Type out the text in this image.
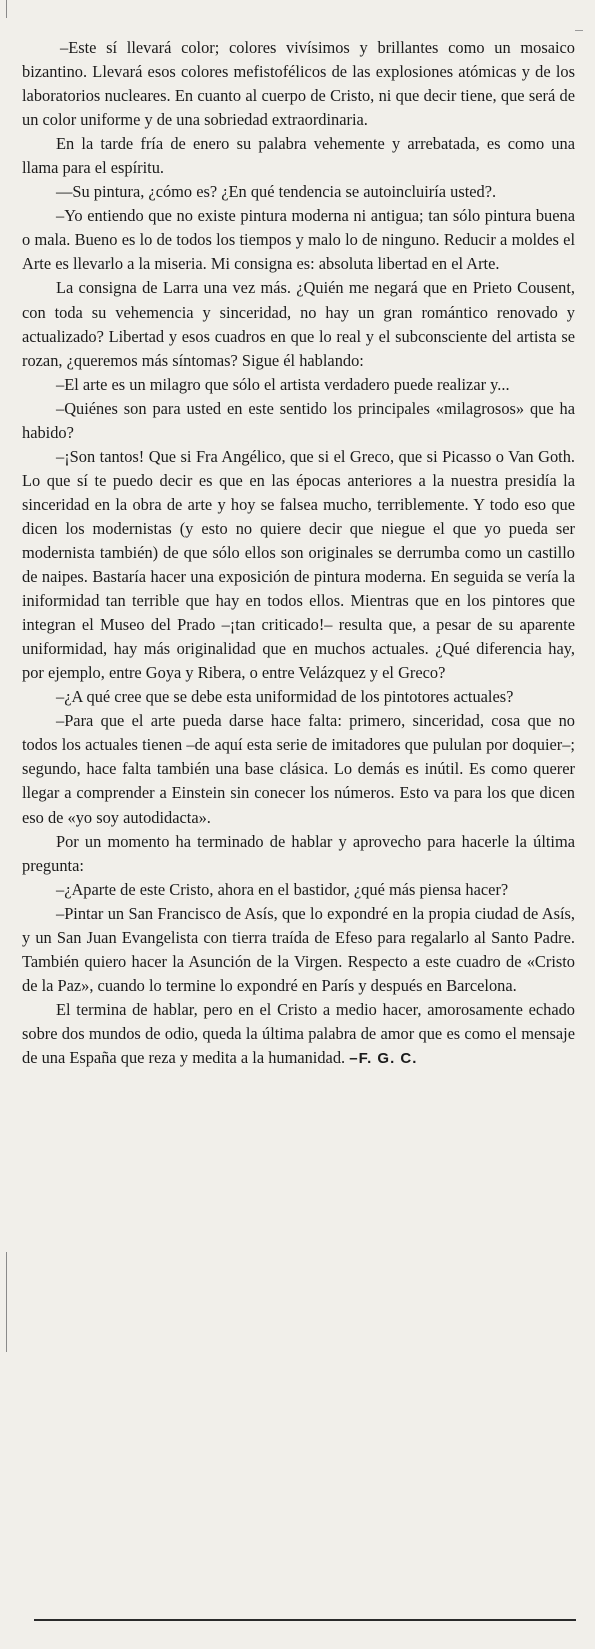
–Este sí llevará color; colores vivísimos y brillantes como un mosaico bizantino. Llevará esos colores mefistofélicos de las explosiones atómicas y de los laboratorios nucleares. En cuanto al cuerpo de Cristo, ni que decir tiene, que será de un color uniforme y de una sobriedad extraordinaria.

En la tarde fría de enero su palabra vehemente y arrebatada, es como una llama para el espíritu.

—Su pintura, ¿cómo es? ¿En qué tendencia se autoincluiría usted?.

–Yo entiendo que no existe pintura moderna ni antigua; tan sólo pintura buena o mala. Bueno es lo de todos los tiempos y malo lo de ninguno. Reducir a moldes el Arte es llevarlo a la miseria. Mi consigna es: absoluta libertad en el Arte.

La consigna de Larra una vez más. ¿Quién me negará que en Prieto Cousent, con toda su vehemencia y sinceridad, no hay un gran romántico renovado y actualizado? Libertad y esos cuadros en que lo real y el subconsciente del artista se rozan, ¿queremos más síntomas? Sigue él hablando:

–El arte es un milagro que sólo el artista verdadero puede realizar y...

–Quiénes son para usted en este sentido los principales «milagrosos» que ha habido?

–¡Son tantos! Que si Fra Angélico, que si el Greco, que si Picasso o Van Goth. Lo que sí te puedo decir es que en las épocas anteriores a la nuestra presidía la sinceridad en la obra de arte y hoy se falsea mucho, terriblemente. Y todo eso que dicen los modernistas (y esto no quiere decir que niegue el que yo pueda ser modernista también) de que sólo ellos son originales se derrumba como un castillo de naipes. Bastaría hacer una exposición de pintura moderna. En seguida se vería la iniformidad tan terrible que hay en todos ellos. Mientras que en los pintores que integran el Museo del Prado –¡tan criticado!– resulta que, a pesar de su aparente uniformidad, hay más originalidad que en muchos actuales. ¿Qué diferencia hay, por ejemplo, entre Goya y Ribera, o entre Velázquez y el Greco?

–¿A qué cree que se debe esta uniformidad de los pintotores actuales?

–Para que el arte pueda darse hace falta: primero, sinceridad, cosa que no todos los actuales tienen –de aquí esta serie de imitadores que pululan por doquier–; segundo, hace falta también una base clásica. Lo demás es inútil. Es como querer llegar a comprender a Einstein sin conecer los números. Esto va para los que dicen eso de «yo soy autodidacta».

Por un momento ha terminado de hablar y aprovecho para hacerle la última pregunta:

–¿Aparte de este Cristo, ahora en el bastidor, ¿qué más piensa hacer?

–Pintar un San Francisco de Asís, que lo expondré en la propia ciudad de Asís, y un San Juan Evangelista con tierra traída de Efeso para regalarlo al Santo Padre. También quiero hacer la Asunción de la Virgen. Respecto a este cuadro de «Cristo de la Paz», cuando lo termine lo expondré en París y después en Barcelona.

El termina de hablar, pero en el Cristo a medio hacer, amorosamente echado sobre dos mundos de odio, queda la última palabra de amor que es como el mensaje de una España que reza y medita a la humanidad. –F. G. C.
